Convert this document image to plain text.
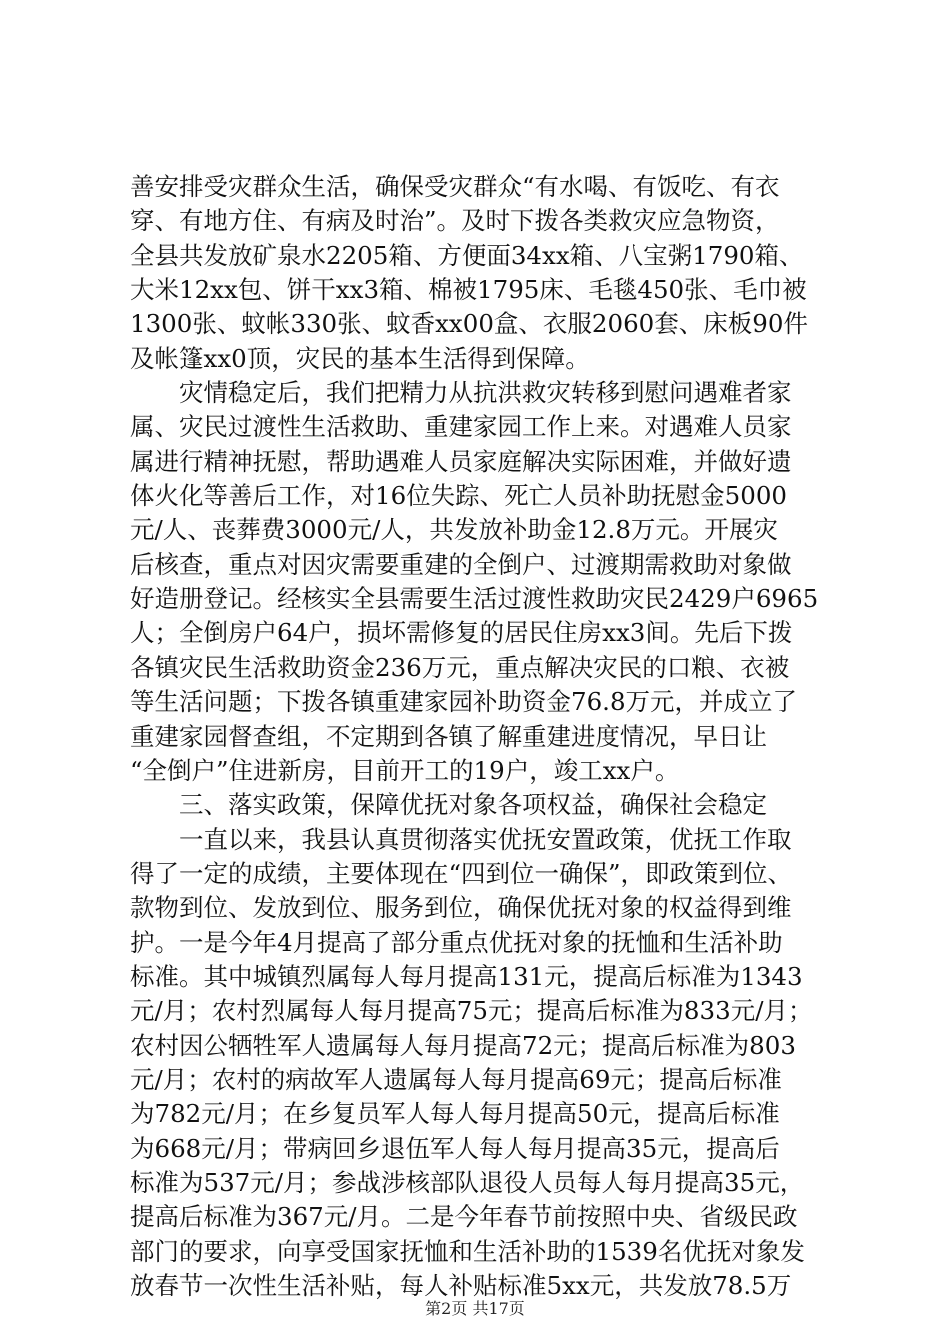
善安排受灾群众生活，确保受灾群众“有水喝、有饭吃、有衣
穿、有地方住、有病及时治”。及时下拨各类救灾应急物资，
全县共发放矿泉水2205箱、方便面34xx箱、八宝粥1790箱、
大米12xx包、饼干xx3箱、棉被1795床、毛毯450张、毛巾被
1300张、蚊帐330张、蚊香xx00盒、衣服2060套、床板90件
及帐篷xx0顶，灾民的基本生活得到保障。
灾情稳定后，我们把精力从抗洪救灾转移到慰问遇难者家
属、灾民过渡性生活救助、重建家园工作上来。对遇难人员家
属进行精神抚慰，帮助遇难人员家庭解决实际困难，并做好遗
体火化等善后工作，对16位失踪、死亡人员补助抚慰金5000
元/人、丧葬费3000元/人，共发放补助金12.8万元。开展灾
后核查，重点对因灾需要重建的全倒户、过渡期需救助对象做
好造册登记。经核实全县需要生活过渡性救助灾民2429户6965
人；全倒房户64户，损坏需修复的居民住房xx3间。先后下拨
各镇灾民生活救助资金236万元，重点解决灾民的口粮、衣被
等生活问题；下拨各镇重建家园补助资金76.8万元，并成立了
重建家园督查组，不定期到各镇了解重建进度情况，早日让
“全倒户”住进新房，目前开工的19户，竣工xx户。
三、落实政策，保障优抚对象各项权益，确保社会稳定
一直以来，我县认真贯彻落实优抚安置政策，优抚工作取
得了一定的成绩，主要体现在“四到位一确保”，即政策到位、
款物到位、发放到位、服务到位，确保优抚对象的权益得到维
护。一是今年4月提高了部分重点优抚对象的抚恤和生活补助
标准。其中城镇烈属每人每月提高131元，提高后标准为1343
元/月；农村烈属每人每月提高75元；提高后标准为833元/月；
农村因公牺牲军人遗属每人每月提高72元；提高后标准为803
元/月；农村的病故军人遗属每人每月提高69元；提高后标准
为782元/月；在乡复员军人每人每月提高50元，提高后标准
为668元/月；带病回乡退伍军人每人每月提高35元，提高后
标准为537元/月；参战涉核部队退役人员每人每月提高35元，
提高后标准为367元/月。二是今年春节前按照中央、省级民政
部门的要求，向享受国家抚恤和生活补助的1539名优抚对象发
放春节一次性生活补贴，每人补贴标准5xx元，共发放78.5万
第2页 共17页
